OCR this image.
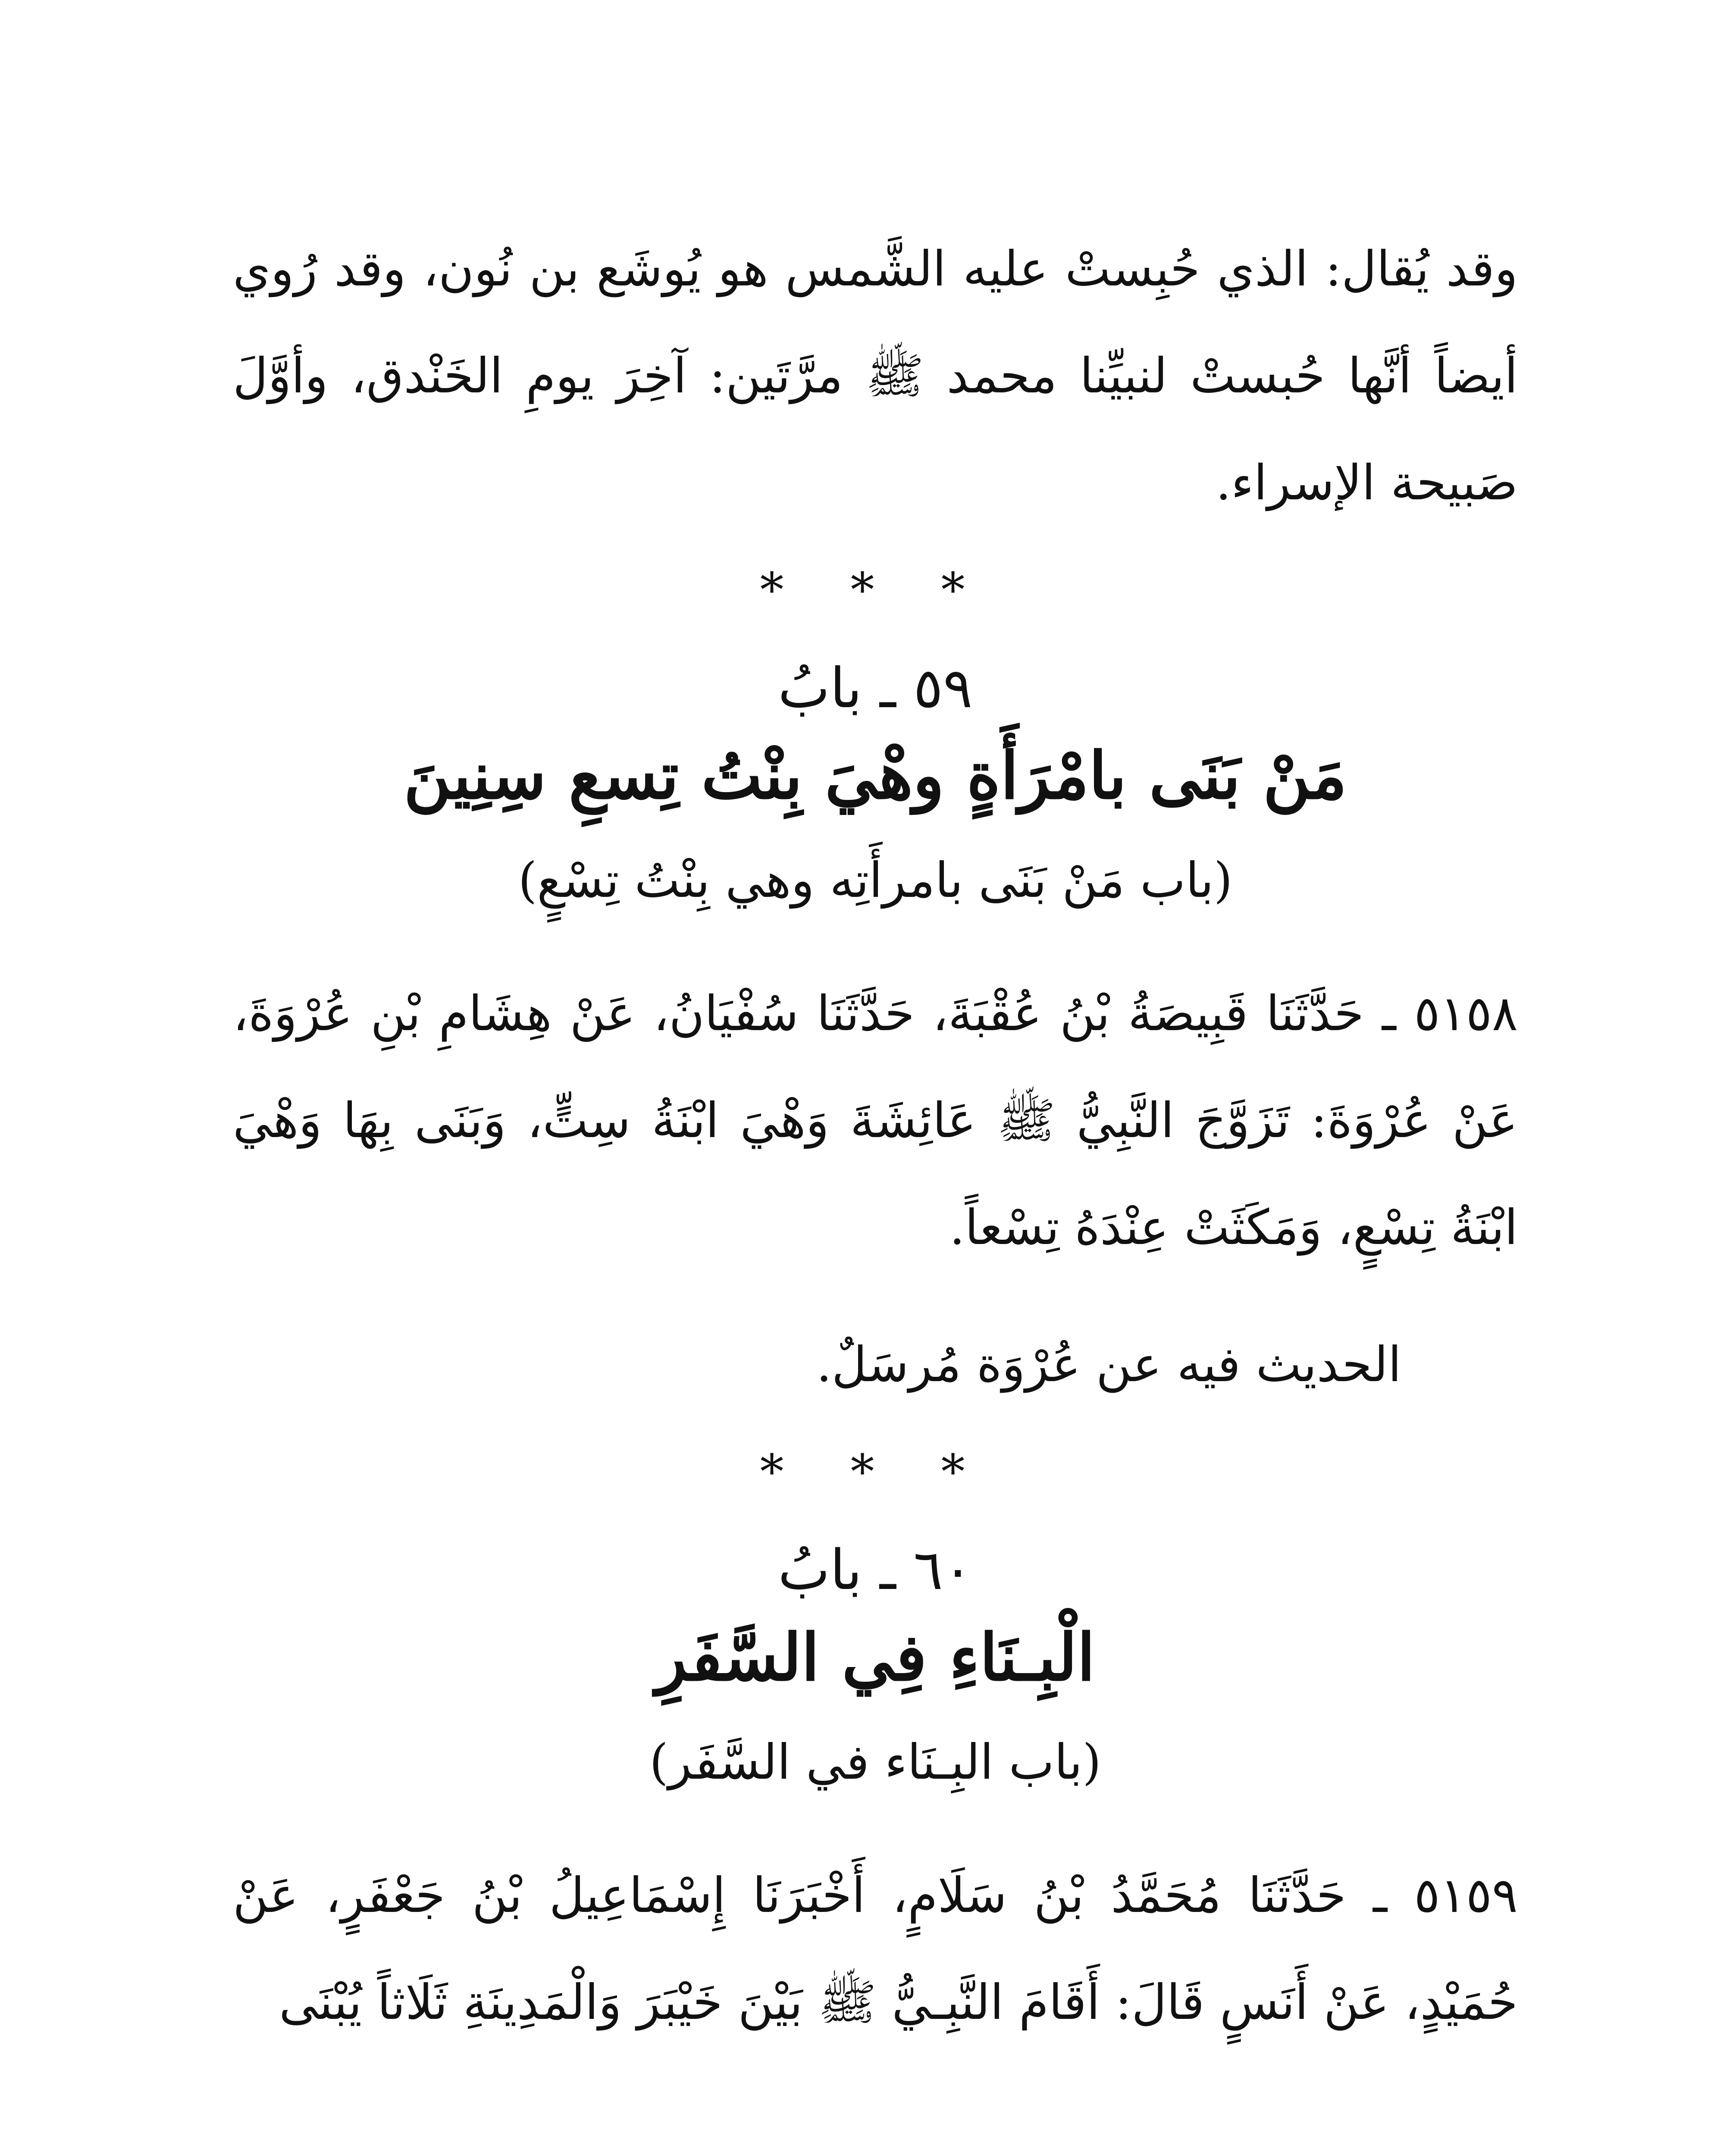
وقد يُقال: الذي حُبِستْ عليه الشَّمس هو يُوشَع بن نُون، وقد رُوي أيضاً أنَّها حُبستْ لنبيِّنا محمد ﷺ مرَّتَين: آخِرَ يومِ الخَنْدق، وأوَّلَ صَبيحة الإسراء.

* * *
٥٩ ـ بابُ
مَنْ بَنَى بامْرَأَةٍ وهْيَ بِنْتُ تِسعِ سِنِينَ
(باب مَنْ بَنَى بامرأَتِه وهي بِنْتُ تِسْعٍ)

٥١٥٨ ـ حَدَّثَنَا قَبِيصَةُ بْنُ عُقْبَةَ، حَدَّثَنَا سُفْيَانُ، عَنْ هِشَامِ بْنِ عُرْوَةَ، عَنْ عُرْوَةَ: تَزَوَّجَ النَّبِيُّ ﷺ عَائِشَةَ وَهْيَ ابْنَةُ سِتٍّ، وَبَنَى بِهَا وَهْيَ ابْنَةُ تِسْعٍ، وَمَكَثَتْ عِنْدَهُ تِسْعاً.

الحديث فيه عن عُرْوَة مُرسَلٌ.

* * *
٦٠ ـ بابُ
الْبِـنَاءِ فِي السَّفَرِ
(باب البِـنَاء في السَّفَر)

٥١٥٩ ـ حَدَّثَنَا مُحَمَّدُ بْنُ سَلَامٍ، أَخْبَرَنَا إِسْمَاعِيلُ بْنُ جَعْفَرٍ، عَنْ حُمَيْدٍ، عَنْ أَنَسٍ قَالَ: أَقَامَ النَّبِـيُّ ﷺ بَيْنَ خَيْبَرَ وَالْمَدِينَةِ ثَلَاثاً يُبْنَى
